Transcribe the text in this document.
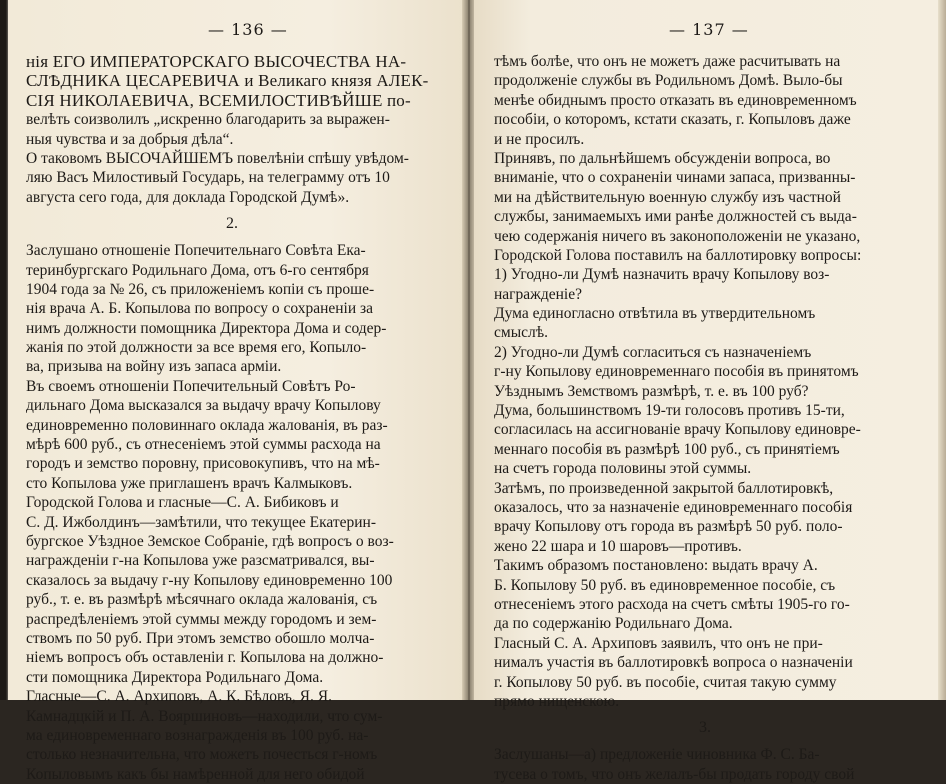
— 136 —
нія ЕГО ИМПЕРАТОРСКАГО ВЫСОЧЕСТВА НА-
СЛѢДНИКА ЦЕСАРЕВИЧА и Великаго князя АЛЕК-
СІЯ НИКОЛАЕВИЧА, ВСЕМИЛОСТИВѢЙШЕ по-
велѣть соизволилъ „искренно благодарить за выражен-
ныя чувства и за добрыя дѣла“.
О таковомъ ВЫСОЧАЙШЕМЪ повелѣніи спѣшу увѣдом-
ляю Васъ Милостивый Государь, на телеграмму отъ 10
августа сего года, для доклада Городской Думѣ».
2.
Заслушано отношеніе Попечительнаго Совѣта Ека-
теринбургскаго Родильнаго Дома, отъ 6-го сентября
1904 года за № 26, съ приложеніемъ копіи съ проше-
нія врача А. Б. Копылова по вопросу о сохраненіи за
нимъ должности помощника Директора Дома и содер-
жанія по этой должности за все время его, Копыло-
ва, призыва на войну изъ запаса арміи.
Въ своемъ отношеніи Попечительный Совѣтъ Ро-
дильнаго Дома высказался за выдачу врачу Копылову
единовременно половиннаго оклада жалованія, въ раз-
мѣрѣ 600 руб., съ отнесеніемъ этой суммы расхода на
городъ и земство поровну, присовокупивъ, что на мѣ-
сто Копылова уже приглашенъ врачъ Калмыковъ.
Городской Голова и гласные—С. А. Бибиковъ и
С. Д. Ижболдинъ—замѣтили, что текущее Екатерин-
бургское Уѣздное Земское Собраніе, гдѣ вопросъ о воз-
награжденіи г-на Копылова уже разсматривался, вы-
сказалось за выдачу г-ну Копылову единовременно 100
руб., т. е. въ размѣрѣ мѣсячнаго оклада жалованія, съ
распредѣленіемъ этой суммы между городомъ и зем-
ствомъ по 50 руб. При этомъ земство обошло молча-
ніемъ вопросъ объ оставленіи г. Копылова на должно-
сти помощника Директора Родильнаго Дома.
Гласные—С. А. Архиповъ, А. К. Бѣловъ, Я. Я.
Камнадцкій и П. А. Вояршиновъ—находили, что сум-
ма единовременнаго вознагражденія въ 100 руб. на-
столько незначительна, что можетъ почесться г-номъ
Копыловымъ какъ бы намѣренной для него обидой
— 137 —
тѣмъ болѣе, что онъ не можетъ даже расчитывать на
продолженіе службы въ Родильномъ Домѣ. Выло-бы
менѣе обиднымъ просто отказать въ единовременномъ
пособіи, о которомъ, кстати сказать, г. Копыловъ даже
и не просилъ.
Принявъ, по дальнѣйшемъ обсужденіи вопроса, во
вниманіе, что о сохраненіи чинами запаса, призванны-
ми на дѣйствительную военную службу изъ частной
службы, занимаемыхъ ими ранѣе должностей съ выда-
чею содержанія ничего въ законоположеніи не указано,
Городской Голова поставилъ на баллотировку вопросы:
1) Угодно-ли Думѣ назначить врачу Копылову воз-
награжденіе?
Дума единогласно отвѣтила въ утвердительномъ
смыслѣ.
2) Угодно-ли Думѣ согласиться съ назначеніемъ
г-ну Копылову единовременнаго пособія въ принятомъ
Уѣзднымъ Земствомъ размѣрѣ, т. е. въ 100 руб?
Дума, большинствомъ 19-ти голосовъ противъ 15-ти,
согласилась на ассигнованіе врачу Копылову единовре-
меннаго пособія въ размѣрѣ 100 руб., съ принятіемъ
на счетъ города половины этой суммы.
Затѣмъ, по произведенной закрытой баллотировкѣ,
оказалось, что за назначеніе единовременнаго пособія
врачу Копылову отъ города въ размѣрѣ 50 руб. поло-
жено 22 шара и 10 шаровъ—противъ.
Такимъ образомъ постановлено: выдать врачу А.
Б. Копылову 50 руб. въ единовременное пособіе, съ
отнесеніемъ этого расхода на счетъ смѣты 1905-го го-
да по содержанію Родильнаго Дома.
Гласный С. А. Архиповъ заявилъ, что онъ не при-
нималъ участія въ баллотировкѣ вопроса о назначеніи
г. Копылову 50 руб. въ пособіе, считая такую сумму
прямо нищенскою.
3.
Заслушаны—а) предложеніе чиновника Ф. С. Ба-
тусева о томъ, что онъ желалъ-бы продать городу свой
